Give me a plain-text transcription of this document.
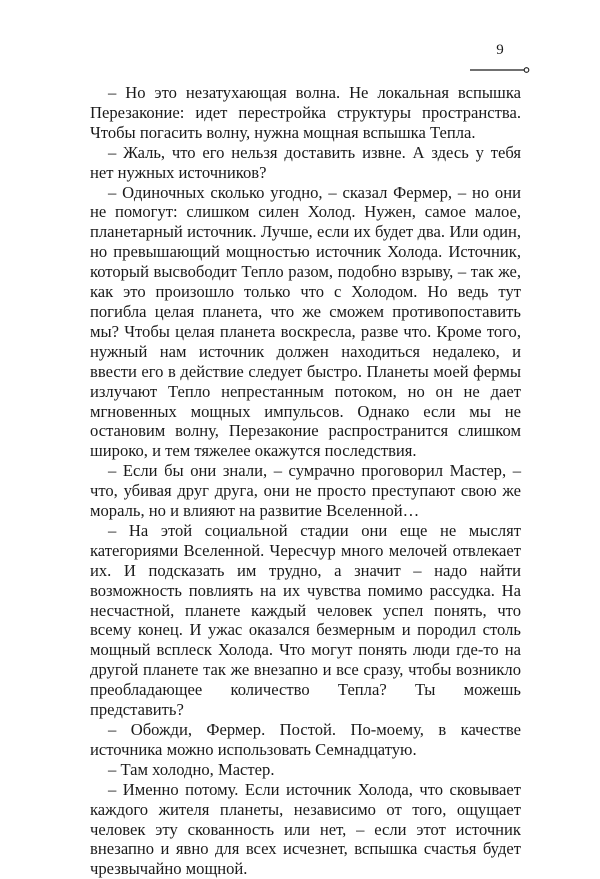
9

– Но это незатухающая волна. Не локальная вспышка Перезаконие: идет перестройка структуры пространства. Чтобы погасить волну, нужна мощная вспышка Тепла.

– Жаль, что его нельзя доставить извне. А здесь у тебя нет нужных источников?

– Одиночных сколько угодно, – сказал Фермер, – но они не помогут: слишком силен Холод. Нужен, самое малое, планетарный источник. Лучше, если их будет два. Или один, но превышающий мощностью источник Холода. Источник, который высвободит Тепло разом, подобно взрыву, – так же, как это произошло только что с Холодом. Но ведь тут погибла целая планета, что же сможем противопоставить мы? Чтобы целая планета воскресла, разве что. Кроме того, нужный нам источник должен находиться недалеко, и ввести его в действие следует быстро. Планеты моей фермы излучают Тепло непрестанным потоком, но он не дает мгновенных мощных импульсов. Однако если мы не остановим волну, Перезаконие распространится слишком широко, и тем тяжелее окажутся последствия.

– Если бы они знали, – сумрачно проговорил Мастер, – что, убивая друг друга, они не просто преступают свою же мораль, но и влияют на развитие Вселенной…

– На этой социальной стадии они еще не мыслят категориями Вселенной. Чересчур много мелочей отвлекает их. И подсказать им трудно, а значит – надо найти возможность повлиять на их чувства помимо рассудка. На несчастной, планете каждый человек успел понять, что всему конец. И ужас оказался безмерным и породил столь мощный всплеск Холода. Что могут понять люди где-то на другой планете так же внезапно и все сразу, чтобы возникло преобладающее количество Тепла? Ты можешь представить?

– Обожди, Фермер. Постой. По-моему, в качестве источника можно использовать Семнадцатую.

– Там холодно, Мастер.

– Именно потому. Если источник Холода, что сковывает каждого жителя планеты, независимо от того, ощущает человек эту скованность или нет, – если этот источник внезапно и явно для всех исчезнет, вспышка счастья будет чрезвычайно мощной.
